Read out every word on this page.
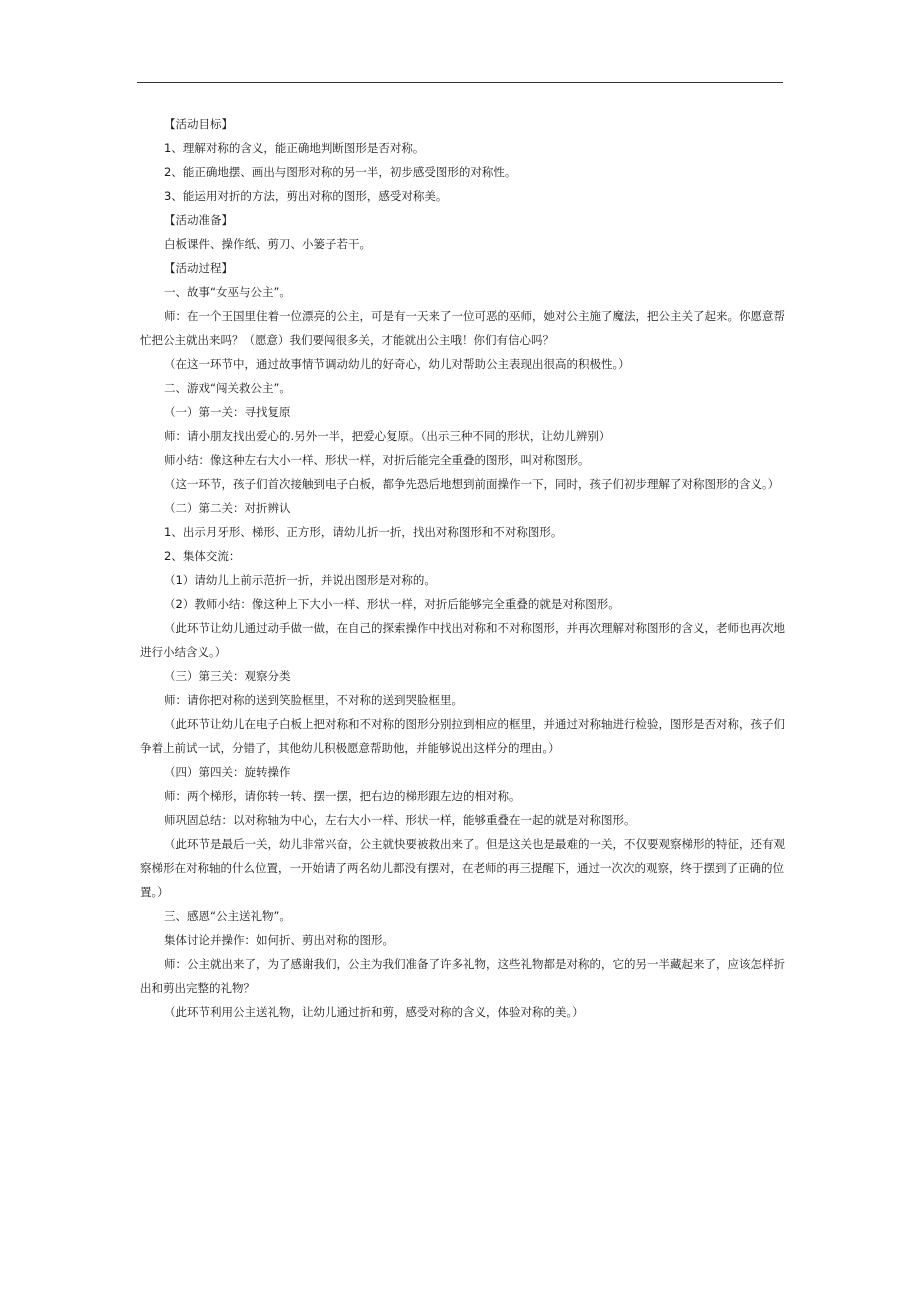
【活动目标】

1、理解对称的含义，能正确地判断图形是否对称。

2、能正确地摆、画出与图形对称的另一半，初步感受图形的对称性。

3、能运用对折的方法，剪出对称的图形，感受对称美。

【活动准备】

白板课件、操作纸、剪刀、小篓子若干。

【活动过程】

一、故事“女巫与公主”。

师：在一个王国里住着一位漂亮的公主，可是有一天来了一位可恶的巫师，她对公主施了魔法，把公主关了起来。你愿意帮忙把公主就出来吗？（愿意）我们要闯很多关，才能就出公主哦！你们有信心吗？

（在这一环节中，通过故事情节调动幼儿的好奇心，幼儿对帮助公主表现出很高的积极性。）

二、游戏“闯关救公主”。

（一）第一关：寻找复原

师：请小朋友找出爱心的.另外一半，把爱心复原。（出示三种不同的形状，让幼儿辨别）

师小结：像这种左右大小一样、形状一样，对折后能完全重叠的图形，叫对称图形。

（这一环节，孩子们首次接触到电子白板，都争先恐后地想到前面操作一下，同时，孩子们初步理解了对称图形的含义。）

（二）第二关：对折辨认

1、出示月牙形、梯形、正方形，请幼儿折一折，找出对称图形和不对称图形。

2、集体交流：

（1）请幼儿上前示范折一折，并说出图形是对称的。

（2）教师小结：像这种上下大小一样、形状一样，对折后能够完全重叠的就是对称图形。

（此环节让幼儿通过动手做一做，在自己的探索操作中找出对称和不对称图形，并再次理解对称图形的含义，老师也再次地进行小结含义。）

（三）第三关：观察分类

师：请你把对称的送到笑脸框里，不对称的送到哭脸框里。

（此环节让幼儿在电子白板上把对称和不对称的图形分别拉到相应的框里，并通过对称轴进行检验，图形是否对称，孩子们争着上前试一试，分错了，其他幼儿积极愿意帮助他，并能够说出这样分的理由。）

（四）第四关：旋转操作

师：两个梯形，请你转一转、摆一摆，把右边的梯形跟左边的相对称。

师巩固总结：以对称轴为中心，左右大小一样、形状一样，能够重叠在一起的就是对称图形。

（此环节是最后一关，幼儿非常兴奋，公主就快要被救出来了。但是这关也是最难的一关，不仅要观察梯形的特征，还有观察梯形在对称轴的什么位置，一开始请了两名幼儿都没有摆对，在老师的再三提醒下，通过一次次的观察，终于摆到了正确的位置。）

三、感恩“公主送礼物”。

集体讨论并操作：如何折、剪出对称的图形。

师：公主就出来了，为了感谢我们，公主为我们准备了许多礼物，这些礼物都是对称的，它的另一半藏起来了，应该怎样折出和剪出完整的礼物？

（此环节利用公主送礼物，让幼儿通过折和剪，感受对称的含义，体验对称的美。）
